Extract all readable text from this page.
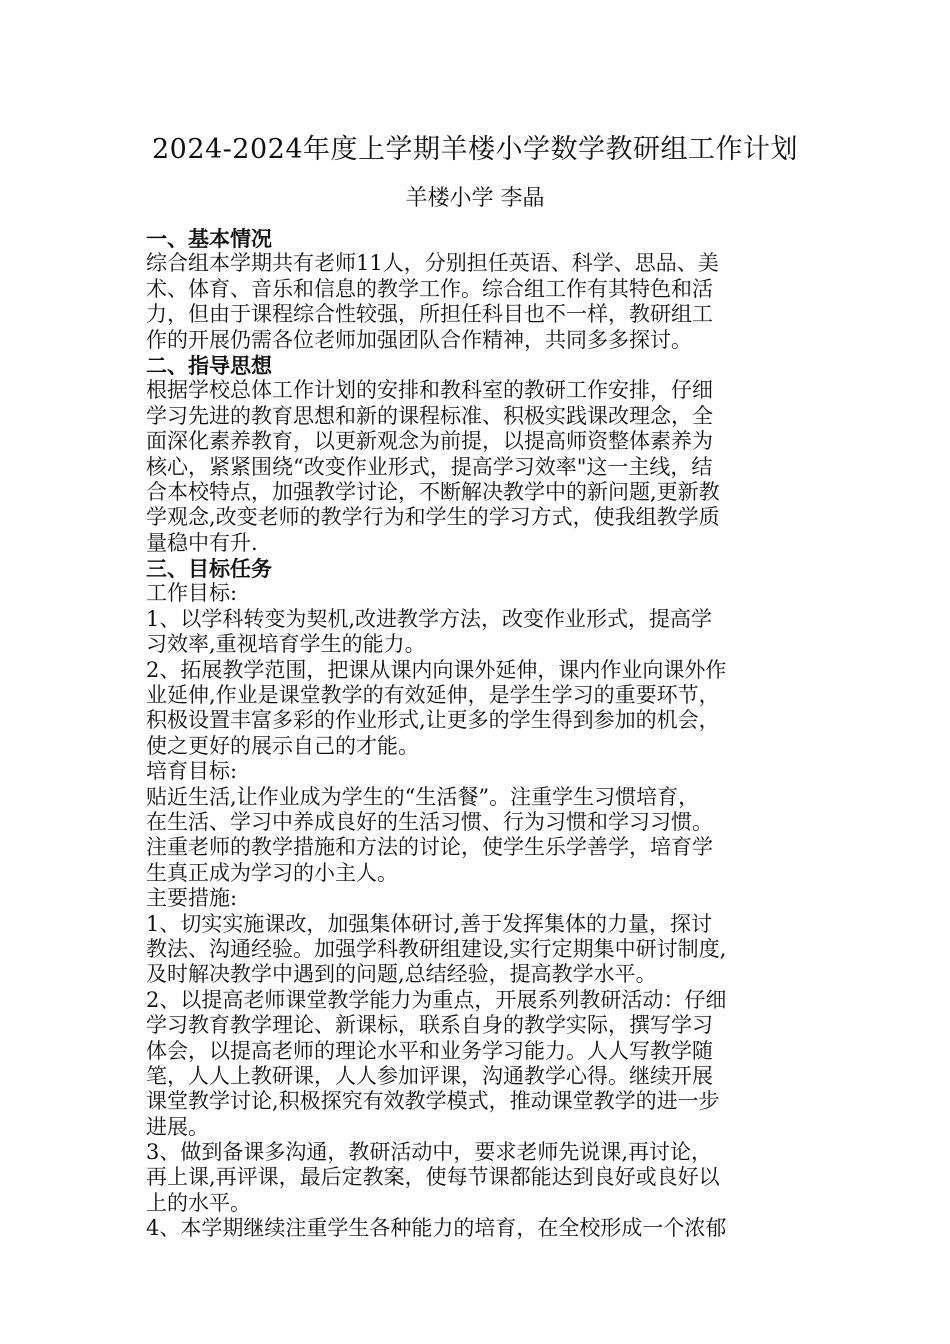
2024-2024年度上学期羊楼小学数学教研组工作计划
羊楼小学 李晶
一、基本情况
综合组本学期共有老师11人，分别担任英语、科学、思品、美
术、体育、音乐和信息的教学工作。综合组工作有其特色和活
力，但由于课程综合性较强，所担任科目也不一样，教研组工
作的开展仍需各位老师加强团队合作精神，共同多多探讨。
二、指导思想
根据学校总体工作计划的安排和教科室的教研工作安排，仔细
学习先进的教育思想和新的课程标准、积极实践课改理念，全
面深化素养教育，以更新观念为前提，以提高师资整体素养为
核心，紧紧围绕“改变作业形式，提高学习效率"这一主线，结
合本校特点，加强教学讨论，不断解决教学中的新问题,更新教
学观念,改变老师的教学行为和学生的学习方式，使我组教学质
量稳中有升.
三、目标任务
工作目标:
1、以学科转变为契机,改进教学方法，改变作业形式，提高学
习效率,重视培育学生的能力。
2、拓展教学范围，把课从课内向课外延伸，课内作业向课外作
业延伸,作业是课堂教学的有效延伸，是学生学习的重要环节，
积极设置丰富多彩的作业形式,让更多的学生得到参加的机会，
使之更好的展示自己的才能。
培育目标:
贴近生活,让作业成为学生的“生活餐”。注重学生习惯培育，
在生活、学习中养成良好的生活习惯、行为习惯和学习习惯。
注重老师的教学措施和方法的讨论，使学生乐学善学，培育学
生真正成为学习的小主人。
主要措施:
1、切实实施课改，加强集体研讨,善于发挥集体的力量，探讨
教法、沟通经验。加强学科教研组建设,实行定期集中研讨制度,
及时解决教学中遇到的问题,总结经验，提高教学水平。
2、以提高老师课堂教学能力为重点，开展系列教研活动：仔细
学习教育教学理论、新课标，联系自身的教学实际，撰写学习
体会，以提高老师的理论水平和业务学习能力。人人写教学随
笔，人人上教研课，人人参加评课，沟通教学心得。继续开展
课堂教学讨论,积极探究有效教学模式，推动课堂教学的进一步
进展。
3、做到备课多沟通，教研活动中，要求老师先说课,再讨论，
再上课,再评课，最后定教案，使每节课都能达到良好或良好以
上的水平。
4、本学期继续注重学生各种能力的培育，在全校形成一个浓郁
